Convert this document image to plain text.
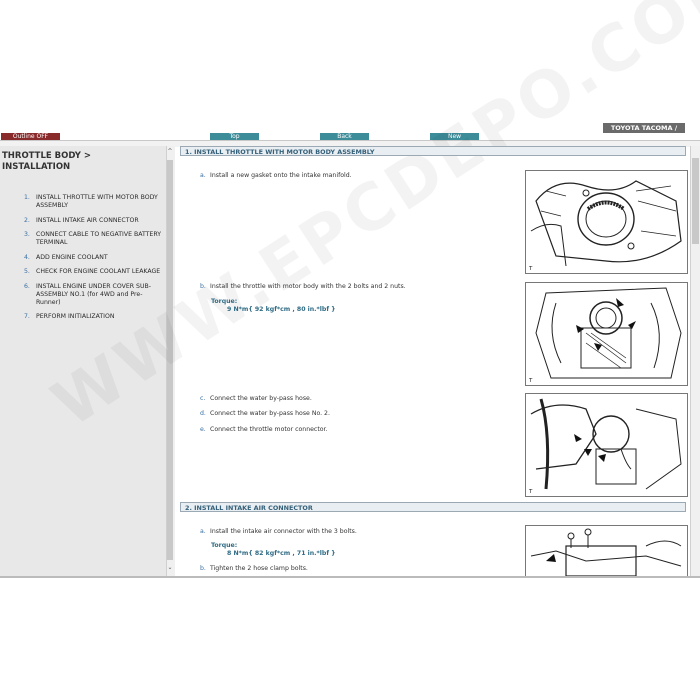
Outline OFF	Top	Back	New
TOYOTA TACOMA /
THROTTLE BODY > INSTALLATION
1. INSTALL THROTTLE WITH MOTOR BODY ASSEMBLY
2. INSTALL INTAKE AIR CONNECTOR
3. CONNECT CABLE TO NEGATIVE BATTERY TERMINAL
4. ADD ENGINE COOLANT
5. CHECK FOR ENGINE COOLANT LEAKAGE
6. INSTALL ENGINE UNDER COVER SUB-ASSEMBLY NO.1 (for 4WD and Pre-Runner)
7. PERFORM INITIALIZATION
^
⌄
1. INSTALL THROTTLE WITH MOTOR BODY ASSEMBLY
a. Install a new gasket onto the intake manifold.
T
b. Install the throttle with motor body with the 2 bolts and 2 nuts.
Torque:
9 N*m{ 92 kgf*cm , 80 in.*lbf }
T
c. Connect the water by-pass hose.
d. Connect the water by-pass hose No. 2.
e. Connect the throttle motor connector.
T
2. INSTALL INTAKE AIR CONNECTOR
a. Install the intake air connector with the 3 bolts.
Torque:
8 N*m{ 82 kgf*cm , 71 in.*lbf }
b. Tighten the 2 hose clamp bolts.
